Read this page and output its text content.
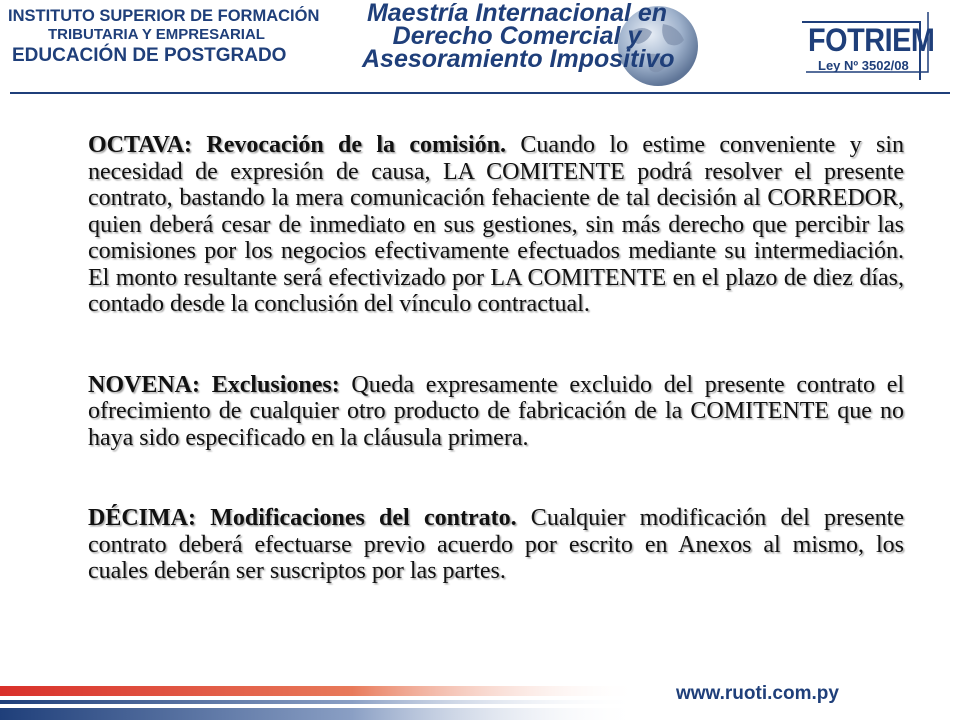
INSTITUTO SUPERIOR DE FORMACIÓN
TRIBUTARIA Y EMPRESARIAL
EDUCACIÓN DE POSTGRADO
Maestría Internacional en
Derecho Comercial y
Asesoramiento Impositivo
FOTRIEM
Ley Nº 3502/08

OCTAVA: Revocación de la comisión. Cuando lo estime conveniente y sin necesidad de expresión de causa, LA COMITENTE podrá resolver el presente contrato, bastando la mera comunicación fehaciente de tal decisión al CORREDOR, quien deberá cesar de inmediato en sus gestiones, sin más derecho que percibir las comisiones por los negocios efectivamente efectuados mediante su intermediación. El monto resultante será efectivizado por LA COMITENTE en el plazo de diez días, contado desde la conclusión del vínculo contractual.

NOVENA: Exclusiones: Queda expresamente excluido del presente contrato el ofrecimiento de cualquier otro producto de fabricación de la COMITENTE que no haya sido especificado en la cláusula primera.

DÉCIMA: Modificaciones del contrato. Cualquier modificación del presente contrato deberá efectuarse previo acuerdo por escrito en Anexos al mismo, los cuales deberán ser suscriptos por las partes.

www.ruoti.com.py
